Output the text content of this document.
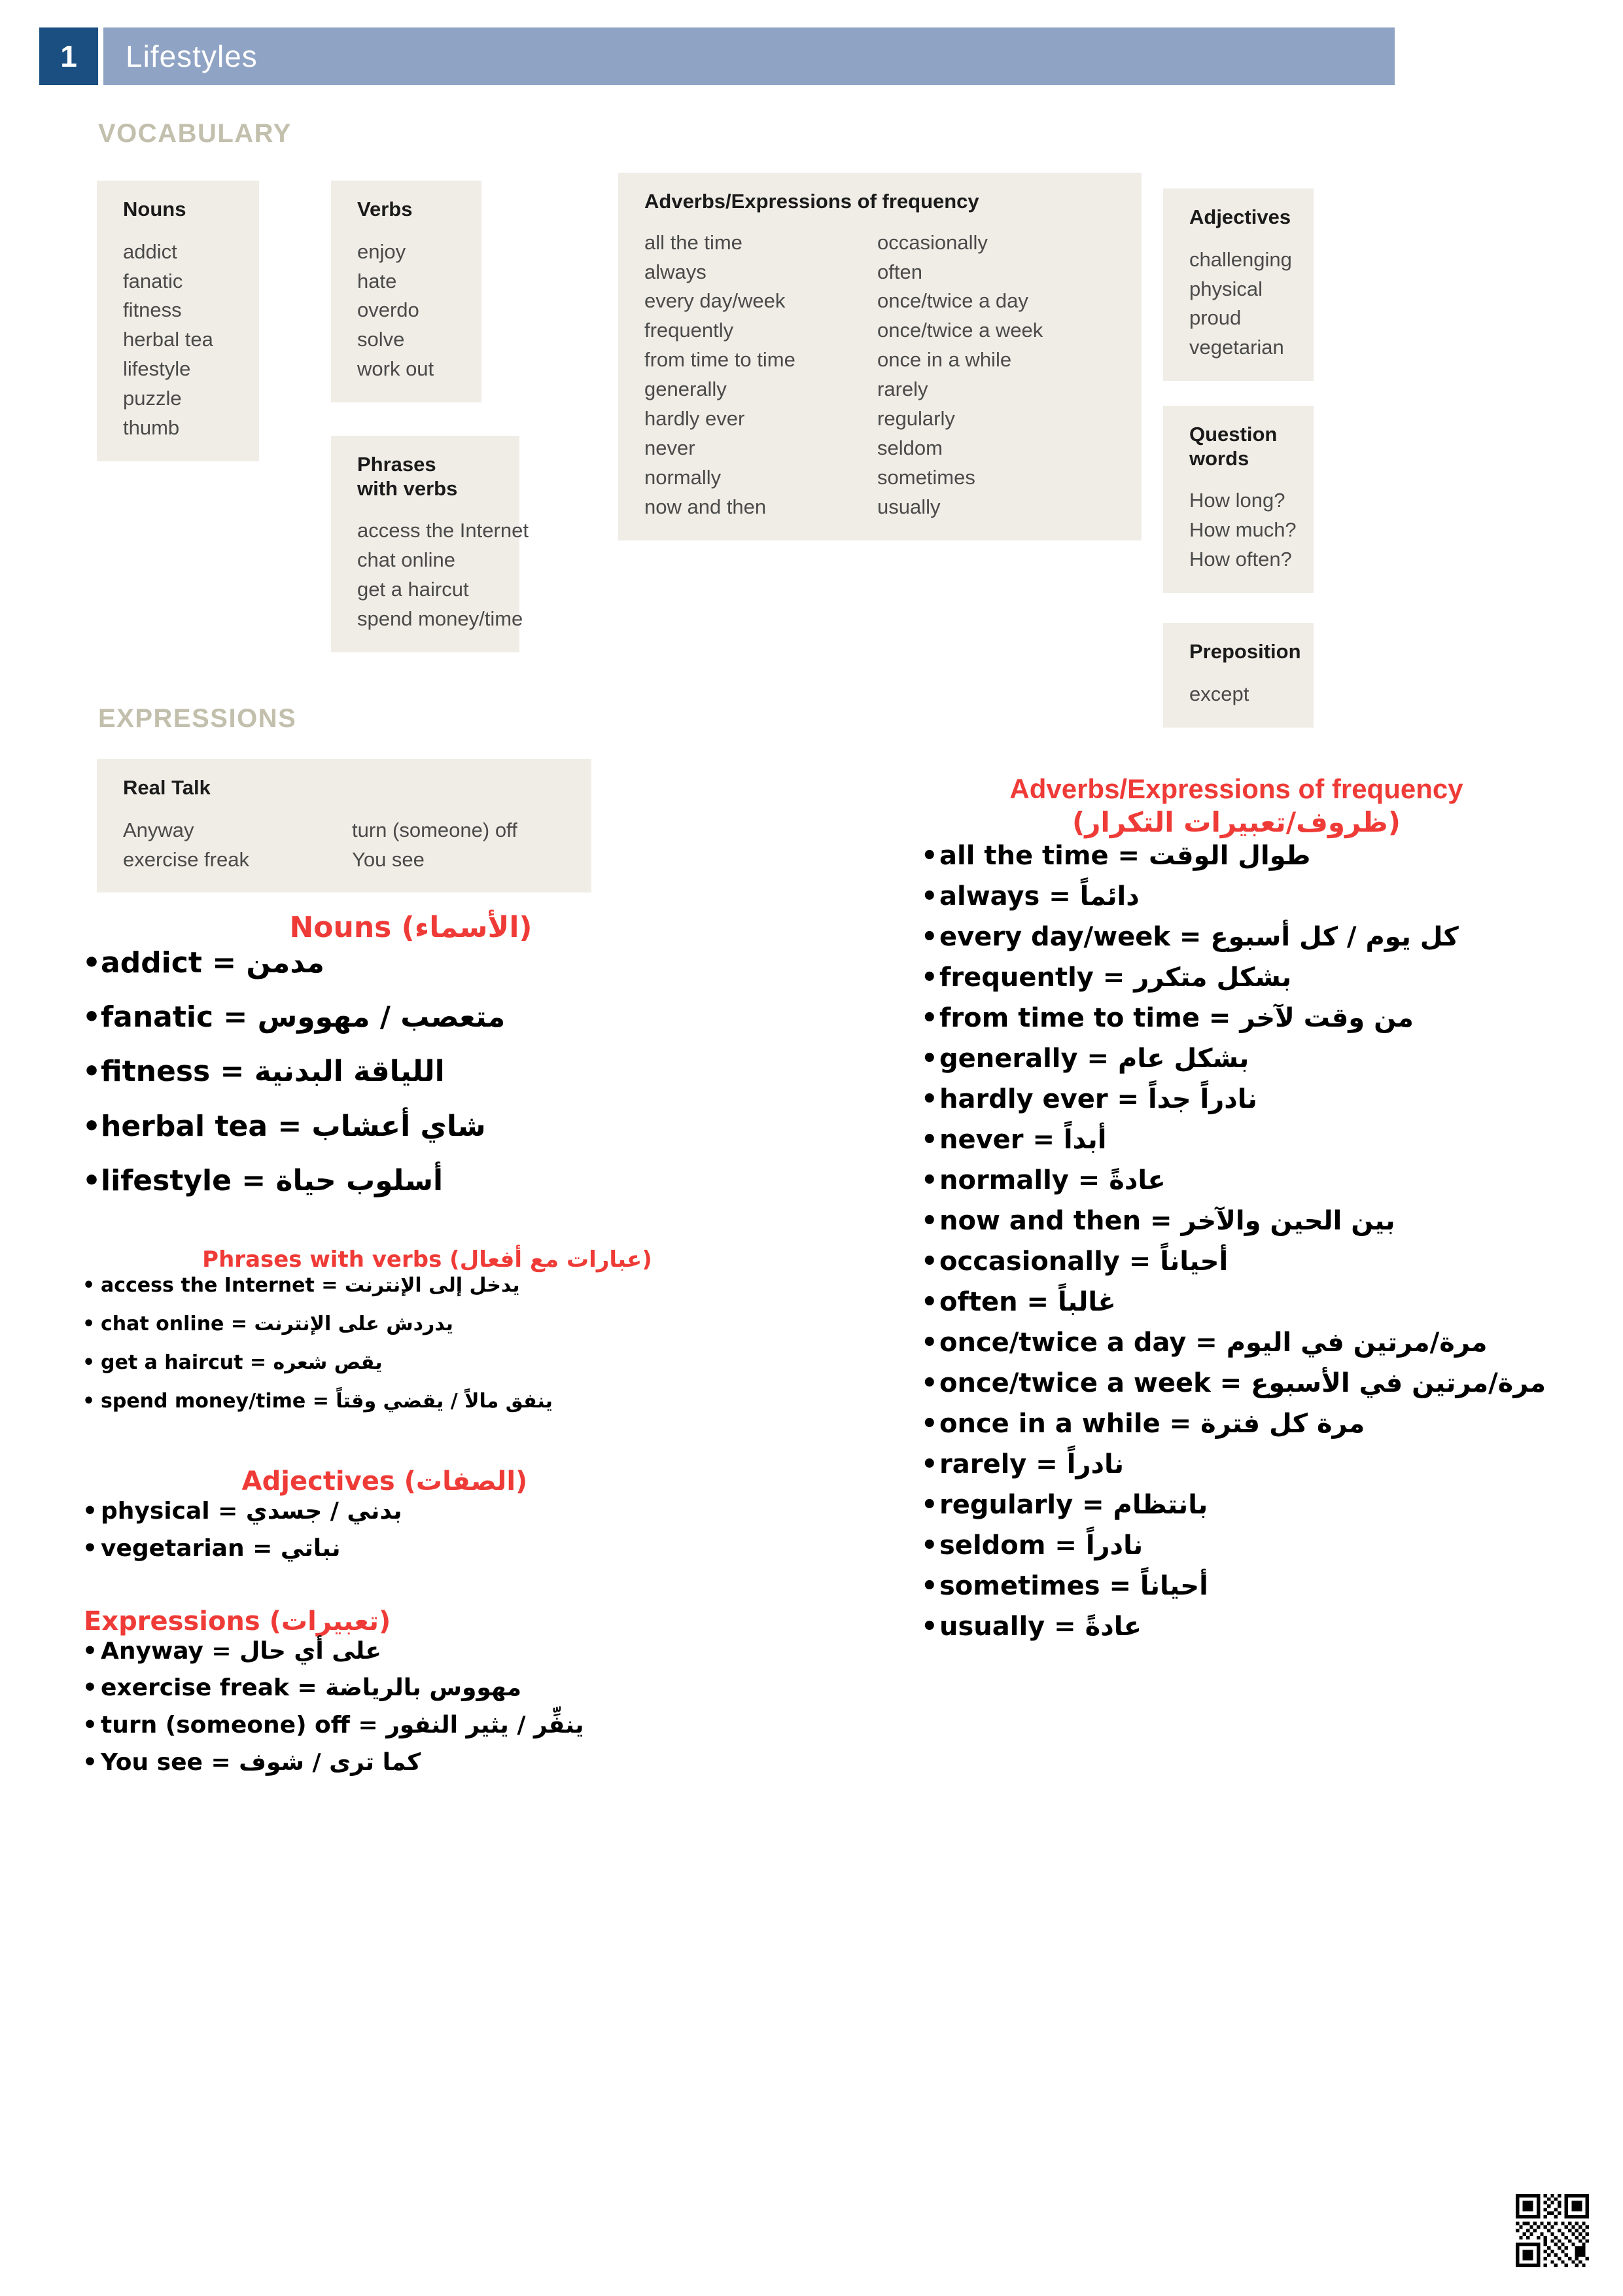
1	Lifestyles
VOCABULARY
EXPRESSIONS
Nouns
addict
fanatic
fitness
herbal tea
lifestyle
puzzle
thumb
Verbs
enjoy
hate
overdo
solve
work out
Phrases
with verbs
access the Internet
chat online
get a haircut
spend money/time
Adverbs/Expressions of frequency
all the time
always
every day/week
frequently
from time to time
generally
hardly ever
never
normally
now and then
occasionally
often
once/twice a day
once/twice a week
once in a while
rarely
regularly
seldom
sometimes
usually
Adjectives
challenging
physical
proud
vegetarian
Question
words
How long?
How much?
How often?
Preposition
except
Real Talk
Anyway
exercise freak
turn (someone) off
You see
Nouns (الأسماء)
• addict = مدمن
• fanatic = متعصب / مهووس
• fitness = اللياقة البدنية
• herbal tea = شاي أعشاب
• lifestyle = أسلوب حياة
Phrases with verbs (عبارات مع أفعال)
• access the Internet = يدخل إلى الإنترنت
• chat online = يدردش على الإنترنت
• get a haircut = يقص شعره
• spend money/time = ينفق مالاً / يقضي وقتاً
Adjectives (الصفات)
• physical = بدني / جسدي
• vegetarian = نباتي
Expressions (تعبيرات)
• Anyway = على أي حال
• exercise freak = مهووس بالرياضة
• turn (someone) off = ينفِّر / يثير النفور
• You see = كما ترى / شوف
Adverbs/Expressions of frequency
(ظروف/تعبيرات التكرار)
• all the time = طوال الوقت
• always = دائماً
• every day/week = كل يوم / كل أسبوع
• frequently = بشكل متكرر
• from time to time = من وقت لآخر
• generally = بشكل عام
• hardly ever = نادراً جداً
• never = أبداً
• normally = عادةً
• now and then = بين الحين والآخر
• occasionally = أحياناً
• often = غالباً
• once/twice a day = مرة/مرتين في اليوم
• once/twice a week = مرة/مرتين في الأسبوع
• once in a while = مرة كل فترة
• rarely = نادراً
• regularly = بانتظام
• seldom = نادراً
• sometimes = أحياناً
• usually = عادةً
